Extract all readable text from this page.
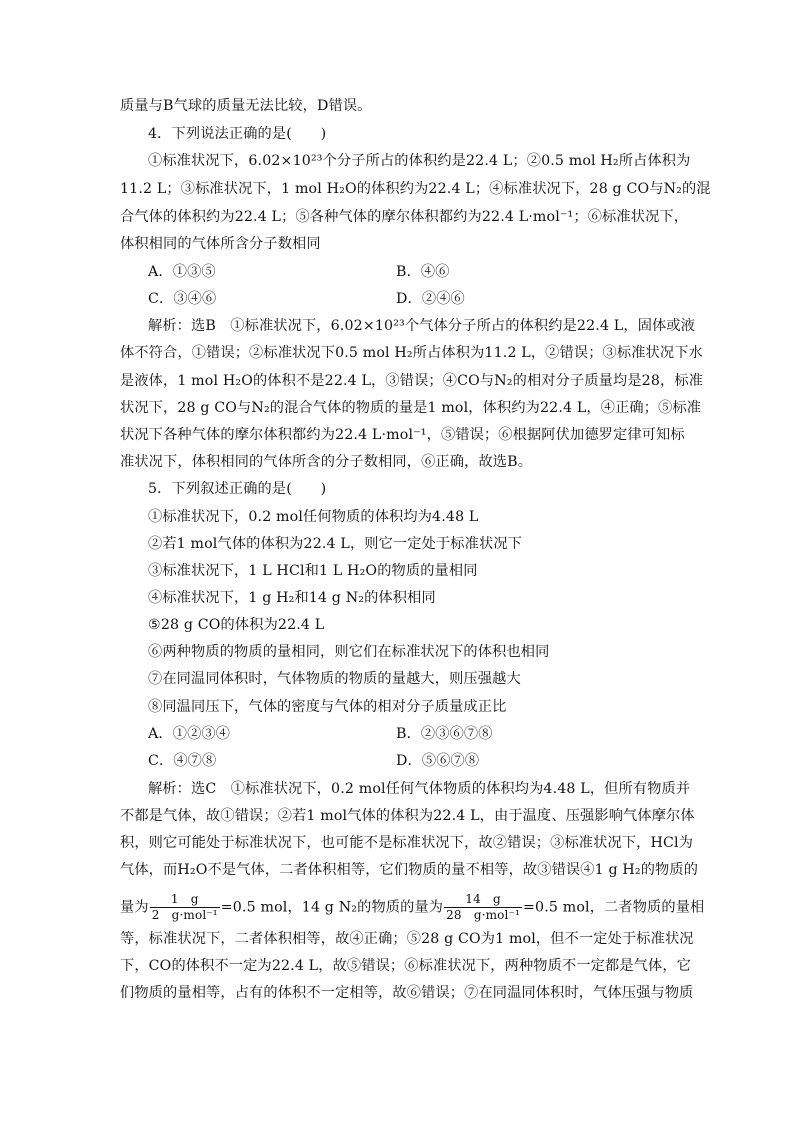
质量与B气球的质量无法比较，D错误。
4．下列说法正确的是(　　)
①标准状况下，6.02×10²³个分子所占的体积约是22.4 L；②0.5 mol H₂所占体积为
11.2 L；③标准状况下，1 mol H₂O的体积约为22.4 L；④标准状况下，28 g CO与N₂的混
合气体的体积约为22.4 L；⑤各种气体的摩尔体积都约为22.4 L·mol⁻¹；⑥标准状况下，
体积相同的气体所含分子数相同
A．①③⑤	B．④⑥
C．③④⑥	D．②④⑥
解析：选B　①标准状况下，6.02×10²³个气体分子所占的体积约是22.4 L，固体或液
体不符合，①错误；②标准状况下0.5 mol H₂所占体积为11.2 L，②错误；③标准状况下水
是液体，1 mol H₂O的体积不是22.4 L，③错误；④CO与N₂的相对分子质量均是28，标准
状况下，28 g CO与N₂的混合气体的物质的量是1 mol，体积约为22.4 L，④正确；⑤标准
状况下各种气体的摩尔体积都约为22.4 L·mol⁻¹，⑤错误；⑥根据阿伏加德罗定律可知标
准状况下，体积相同的气体所含的分子数相同，⑥正确，故选B。
5．下列叙述正确的是(　　)
①标准状况下，0.2 mol任何物质的体积均为4.48 L
②若1 mol气体的体积为22.4 L，则它一定处于标准状况下
③标准状况下，1 L HCl和1 L H₂O的物质的量相同
④标准状况下，1 g H₂和14 g N₂的体积相同
⑤28 g CO的体积为22.4 L
⑥两种物质的物质的量相同，则它们在标准状况下的体积也相同
⑦在同温同体积时，气体物质的物质的量越大，则压强越大
⑧同温同压下，气体的密度与气体的相对分子质量成正比
A．①②③④	B．②③⑥⑦⑧
C．④⑦⑧	D．⑤⑥⑦⑧
解析：选C　①标准状况下，0.2 mol任何气体物质的体积均为4.48 L，但所有物质并
不都是气体，故①错误；②若1 mol气体的体积为22.4 L，由于温度、压强影响气体摩尔体
积，则它可能处于标准状况下，也可能不是标准状况下，故②错误；③标准状况下，HCl为
气体，而H₂O不是气体，二者体积相等，它们物质的量不相等，故③错误④1 g H₂的物质的
量为 $\frac{1 g}{\text{2　g·mol⁻¹}} =0.5$ mol，14 g N₂的物质的量为 $\frac{14 g}{\text{28　g·mol⁻¹}} =0.5$ mol，二者物质的量相
等，标准状况下，二者体积相等，故④正确；⑤28 g CO为1 mol，但不一定处于标准状况
下，CO的体积不一定为22.4 L，故⑤错误；⑥标准状况下，两种物质不一定都是气体，它
们物质的量相等，占有的体积不一定相等，故⑥错误；⑦在同温同体积时，气体压强与物质
